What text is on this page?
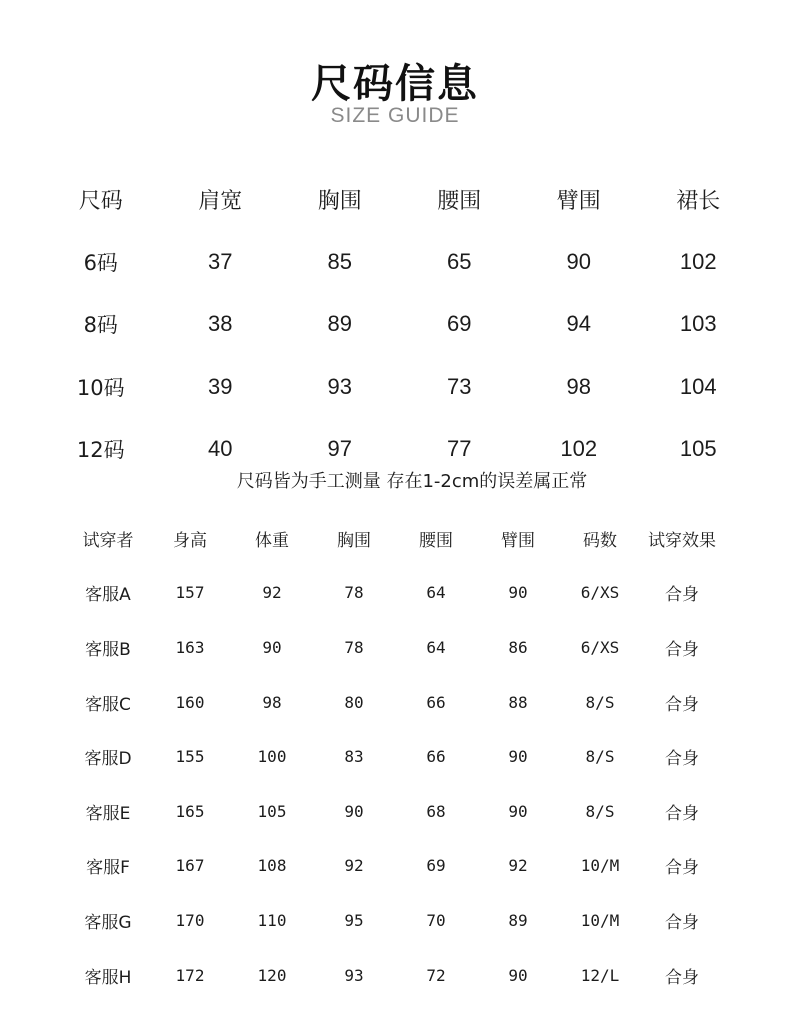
尺码信息
SIZE GUIDE
尺码	肩宽	胸围	腰围	臂围	裙长
6码	37	85	65	90	102
8码	38	89	69	94	103
10码	39	93	73	98	104
12码	40	97	77	102	105
尺码皆为手工测量 存在1-2cm的误差属正常
试穿者	身高	体重	胸围	腰围	臂围	码数	试穿效果
客服A	157	92	78	64	90	6/XS	合身
客服B	163	90	78	64	86	6/XS	合身
客服C	160	98	80	66	88	8/S	合身
客服D	155	100	83	66	90	8/S	合身
客服E	165	105	90	68	90	8/S	合身
客服F	167	108	92	69	92	10/M	合身
客服G	170	110	95	70	89	10/M	合身
客服H	172	120	93	72	90	12/L	合身
